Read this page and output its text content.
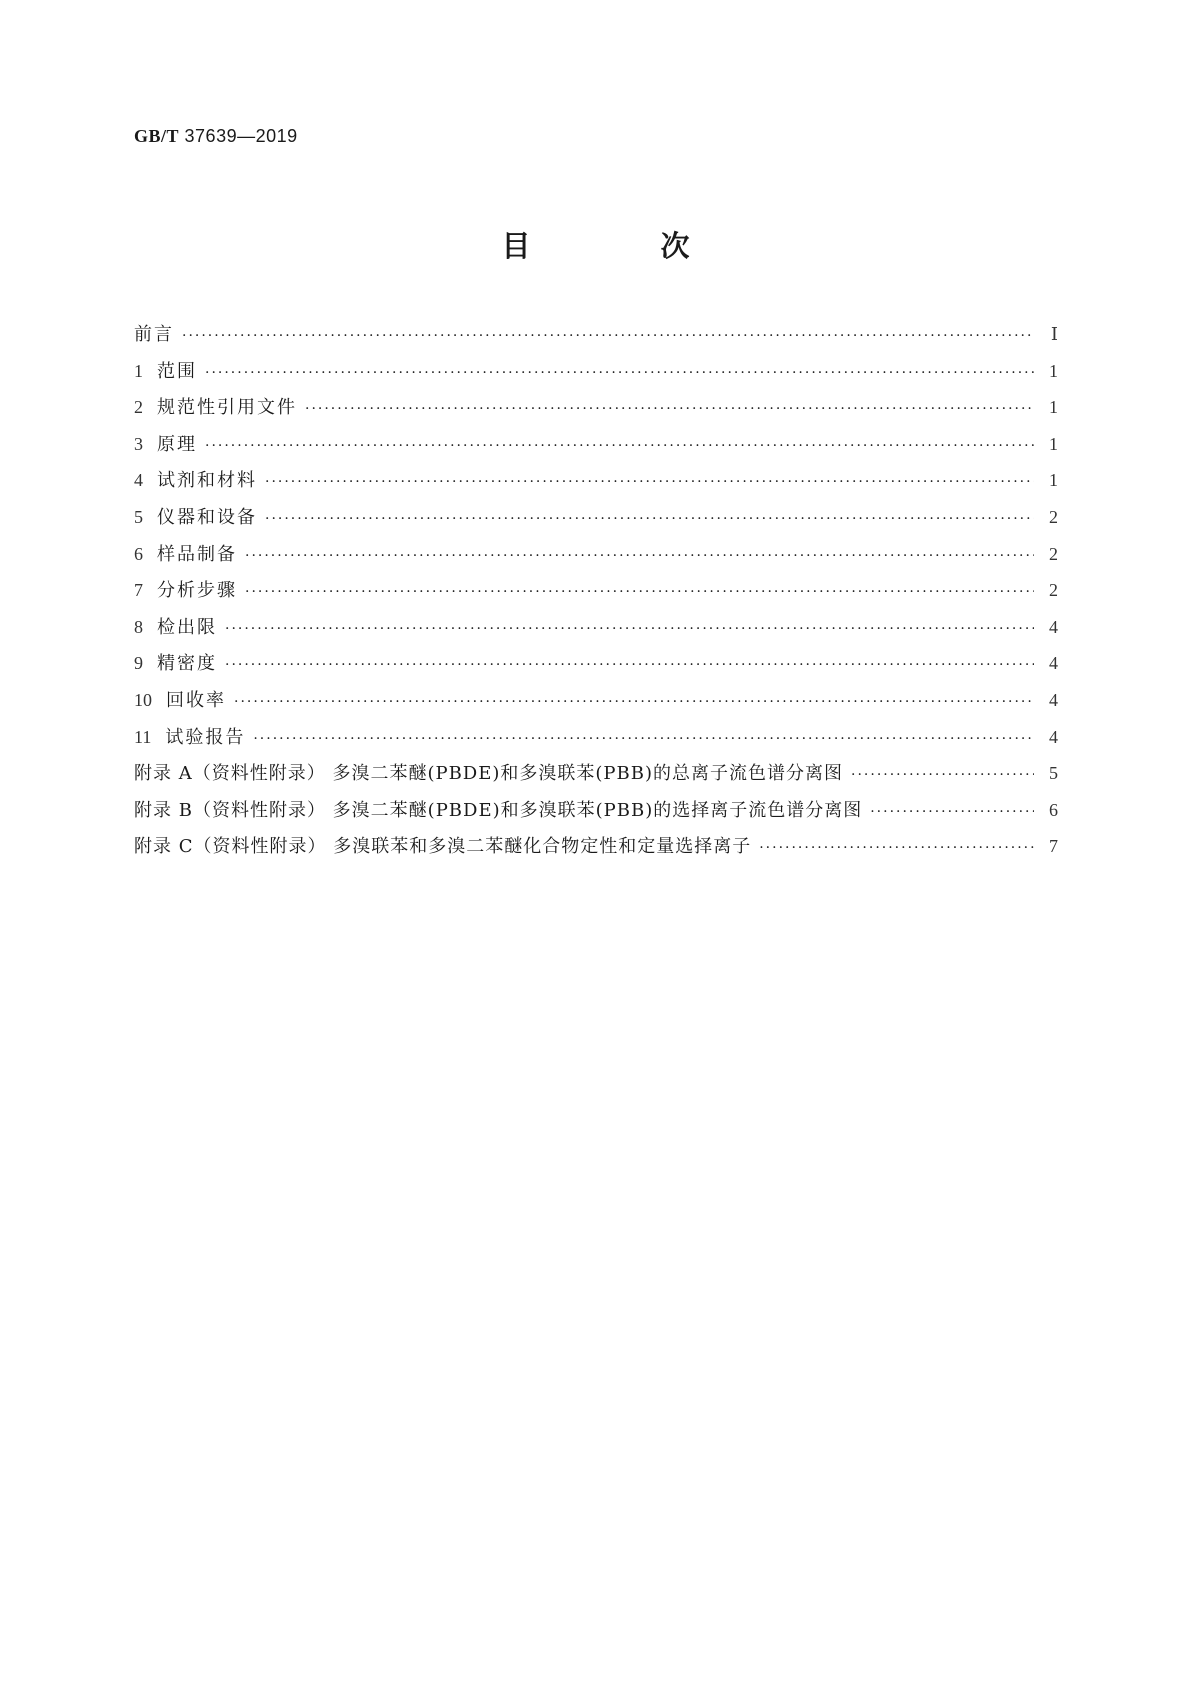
GB/T 37639—2019
目 次
前言 ·····	Ⅰ
1 范围 ·····	1
2 规范性引用文件 ·····	1
3 原理 ·····	1
4 试剂和材料 ·····	1
5 仪器和设备 ·····	2
6 样品制备 ·····	2
7 分析步骤 ·····	2
8 检出限 ·····	4
9 精密度 ·····	4
10 回收率 ·····	4
11 试验报告 ·····	4
附录 A（资料性附录） 多溴二苯醚(PBDE)和多溴联苯(PBB)的总离子流色谱分离图 ·····	5
附录 B（资料性附录） 多溴二苯醚(PBDE)和多溴联苯(PBB)的选择离子流色谱分离图 ·····	6
附录 C（资料性附录） 多溴联苯和多溴二苯醚化合物定性和定量选择离子 ·····	7
